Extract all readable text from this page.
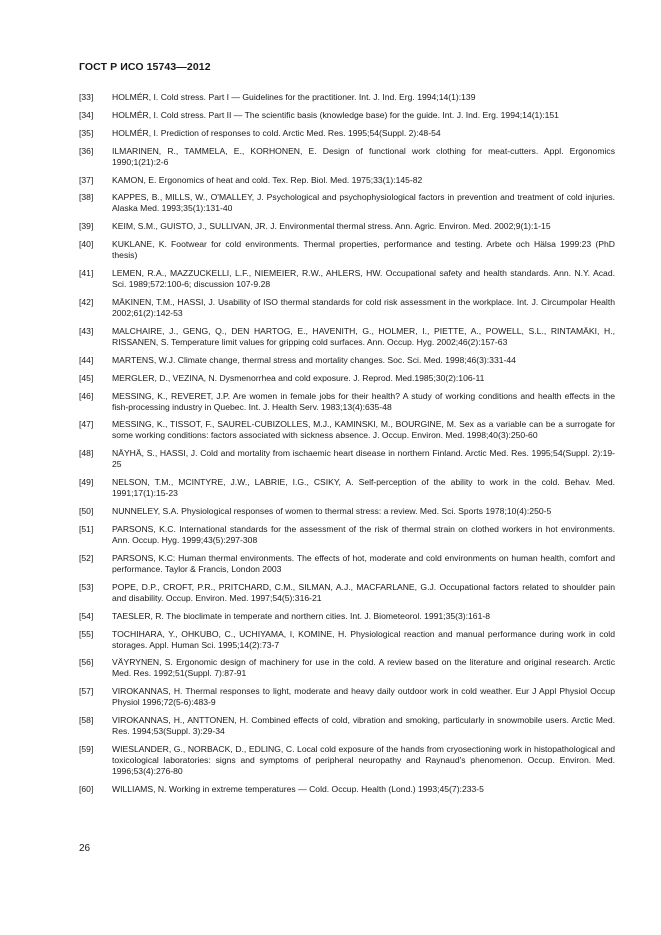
ГОСТ Р ИСО 15743—2012
[33]	HOLMÉR, I. Cold stress. Part I — Guidelines for the practitioner. Int. J. Ind. Erg. 1994;14(1):139
[34]	HOLMÉR, I. Cold stress. Part II — The scientific basis (knowledge base) for the guide. Int. J. Ind. Erg. 1994;14(1):151
[35]	HOLMÉR, I. Prediction of responses to cold. Arctic Med. Res. 1995;54(Suppl. 2):48-54
[36]	ILMARINEN, R., TAMMELA, E., KORHONEN, E. Design of functional work clothing for meat-cutters. Appl. Ergonomics 1990;1(21):2-6
[37]	KAMON, E. Ergonomics of heat and cold. Tex. Rep. Biol. Med. 1975;33(1):145-82
[38]	KAPPES, B., MILLS, W., O'MALLEY, J. Psychological and psychophysiological factors in prevention and treatment of cold injuries. Alaska Med. 1993;35(1):131-40
[39]	KEIM, S.M., GUISTO, J., SULLIVAN, JR. J. Environmental thermal stress. Ann. Agric. Environ. Med. 2002;9(1):1-15
[40]	KUKLANE, K. Footwear for cold environments. Thermal properties, performance and testing. Arbete och Hälsa 1999:23 (PhD thesis)
[41]	LEMEN, R.A., MAZZUCKELLI, L.F., NIEMEIER, R.W., AHLERS, HW. Occupational safety and health standards. Ann. N.Y. Acad. Sci. 1989;572:100-6; discussion 107-9.28
[42]	MÄKINEN, T.M., HASSI, J. Usability of ISO thermal standards for cold risk assessment in the workplace. Int. J. Circumpolar Health 2002;61(2):142-53
[43]	MALCHAIRE, J., GENG, Q., DEN HARTOG, E., HAVENITH, G., HOLMER, I., PIETTE, A., POWELL, S.L., RINTAMÄKI, H., RISSANEN, S. Temperature limit values for gripping cold surfaces. Ann. Occup. Hyg. 2002;46(2):157-63
[44]	MARTENS, W.J. Climate change, thermal stress and mortality changes. Soc. Sci. Med. 1998;46(3):331-44
[45]	MERGLER, D., VEZINA, N. Dysmenorrhea and cold exposure. J. Reprod. Med.1985;30(2):106-11
[46]	MESSING, K., REVERET, J.P. Are women in female jobs for their health? A study of working conditions and health effects in the fish-processing industry in Quebec. Int. J. Health Serv. 1983;13(4):635-48
[47]	MESSING, K., TISSOT, F., SAUREL-CUBIZOLLES, M.J., KAMINSKI, M., BOURGINE, M. Sex as a variable can be a surrogate for some working conditions: factors associated with sickness absence. J. Occup. Environ. Med. 1998;40(3):250-60
[48]	NÄYHÄ, S., HASSI, J. Cold and mortality from ischaemic heart disease in northern Finland. Arctic Med. Res. 1995;54(Suppl. 2):19-25
[49]	NELSON, T.M., MCINTYRE, J.W., LABRIE, I.G., CSIKY, A. Self-perception of the ability to work in the cold. Behav. Med. 1991;17(1):15-23
[50]	NUNNELEY, S.A. Physiological responses of women to thermal stress: a review. Med. Sci. Sports 1978;10(4):250-5
[51]	PARSONS, K.C. International standards for the assessment of the risk of thermal strain on clothed workers in hot environments. Ann. Occup. Hyg. 1999;43(5):297-308
[52]	PARSONS, K.C: Human thermal environments. The effects of hot, moderate and cold environments on human health, comfort and performance. Taylor & Francis, London 2003
[53]	POPE, D.P., CROFT, P.R., PRITCHARD, C.M., SILMAN, A.J., MACFARLANE, G.J. Occupational factors related to shoulder pain and disability. Occup. Environ. Med. 1997;54(5):316-21
[54]	TAESLER, R. The bioclimate in temperate and northern cities. Int. J. Biometeorol. 1991;35(3):161-8
[55]	TOCHIHARA, Y., OHKUBO, C., UCHIYAMA, I, KOMINE, H. Physiological reaction and manual performance during work in cold storages. Appl. Human Sci. 1995;14(2):73-7
[56]	VÄYRYNEN, S. Ergonomic design of machinery for use in the cold. A review based on the literature and original research. Arctic Med. Res. 1992;51(Suppl. 7):87-91
[57]	VIROKANNAS, H. Thermal responses to light, moderate and heavy daily outdoor work in cold weather. Eur J Appl Physiol Occup Physiol 1996;72(5-6):483-9
[58]	VIROKANNAS, H., ANTTONEN, H. Combined effects of cold, vibration and smoking, particularly in snowmobile users. Arctic Med. Res. 1994;53(Suppl. 3):29-34
[59]	WIESLANDER, G., NORBACK, D., EDLING, C. Local cold exposure of the hands from cryosectioning work in histopathological and toxicological laboratories: signs and symptoms of peripheral neuropathy and Raynaud's phenomenon. Occup. Environ. Med. 1996;53(4):276-80
[60]	WILLIAMS, N. Working in extreme temperatures — Cold. Occup. Health (Lond.) 1993;45(7):233-5
26
